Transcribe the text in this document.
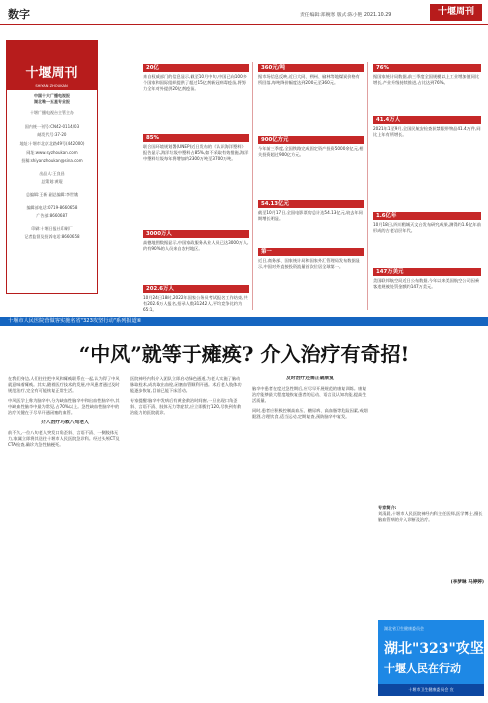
数字	责任编辑:郑婉寒 版式:陈小艳 2021.10.29	十堰周刊
十堰周刊
SHIYAN ZHOUKAN
中国十大广播电视报
湖北唯一五星专业报
十堰广播电视台主管主办
国内统一刊号:CN42-0114/03
邮发代号:37-20
地址:十堰市北京北路49号(442000)
网址:www.syzhoukan.com
投稿:shiyanzhoukan@sina.com
出品人:王良昌
总策划:黄琨
总编辑:王新 副总编辑:李世娥
编辑部电话:0719-8660658
广告部:8660687
印刷:十堰日报社印刷厂
记者监督及投诉电话:8660658
20亿
来自权威部门的信息显示,截至10月中旬,中国已向100多个国家和国际组织提供了超过15亿剂新冠病毒疫苗,将努力全年对外提供20亿剂疫苗。
85%
联合国环境规划署(UNEP)近日发布的《认识海洋塑料》报告显示,海洋垃圾中塑料占85%,如不采取有效措施,海洋中塑料垃圾每年将增加约2300万吨至3700万吨。
3000万人
高德地图数据显示,中国家政服务从业人员已达3000万人,约有90%的人员来自农村地区。
202.6万人
10月24日18时,2022年国家公务员考试报名工作结束,共有202.6万人报名,招录人数31242人,平均竞争比约为65:1。
360元/吨
据市场信息反映,近日大同、朔州、榆林等地煤炭价格有所回落,每吨降价幅度达到200元至360元。
900亿方元
今年前三季度,全国铁路完成固定资产投资5000余亿元,相关投资超过900亿方元。
54.13亿元
截至10月17日,全国电影票房总计达54.13亿元,较去年同期增长明显。
第一
近日,商务部、国家统计局和国家外汇管理局发布数据显示,中国对外直接投资流量首次位居全球第一。
76%
据国家统计局数据,前三季度全国规模以上工业增加值同比增长,产业升级持续推进,占比达到76%。
41.4万人
2021年1至9月,全国民航安检查获禁限带物品41.4万件,同比上年有所增长。
1.6亿年
10月18日,四川稻城天文台发布研究成果,测得约1.6亿年前形成的古老岩层年代。
147万美元
美国联邦航空局近日公布数据,今年以来美国航空公司因乘客违规被处罚金额约147万美元。
十堰市人民医院营做客实施名省"323攻坚行动"系列报道⑥
“中风”就等于瘫痪? 介入治疗有奇招!
在我们身边,人们往往把中风和瘫痪联系在一起,认为得了中风就意味着瘫痪。其实,随着医疗技术的发展,中风患者通过及时规范治疗,完全有可能恢复正常生活。
中风医学上称为脑卒中,分为缺血性脑卒中和出血性脑卒中,其中缺血性脑卒中最为常见,占70%以上。急性缺血性脑卒中的治疗关键在于尽早开通闭塞的血管。
介入治疗巧救八旬老人
前不久,一位八旬老人突发口角歪斜、言语不清、一侧肢体无力,家属立即将其送往十堰市人民医院急诊科。经过头颅CT及CTA检查,确诊为急性脑梗死。
医院神经内科介入团队立即启动绿色通道,为老人实施了脑动脉取栓术,成功取出血栓,闭塞血管顺利开通。术后老人肢体功能逐步恢复,目前已能下床活动。
专家提醒:脑卒中发病后有黄金救治时间窗,一旦出现口角歪斜、言语不清、肢体无力等症状,应立即拨打120,尽快到有救治能力的医院就诊。
及时治疗还需正确康复
脑卒中患者在度过急性期后,应尽早开展规范的康复训练。康复治疗能够最大程度地恢复患者的运动、语言及认知功能,提高生活质量。
同时,患者应积极控制高血压、糖尿病、高血脂等危险因素,戒烟限酒,合理饮食,适当运动,定期复查,预防脑卒中复发。
专家简介:
刘清晨,十堰市人民医院神经内科主任医师,医学博士,擅长脑血管病的介入诊断及治疗。
(李梦琳 马婷婷)
湖北省卫生健康委员会
湖北"323"攻坚
十堰人民在行动
十堰市卫生健康委员会 宣
